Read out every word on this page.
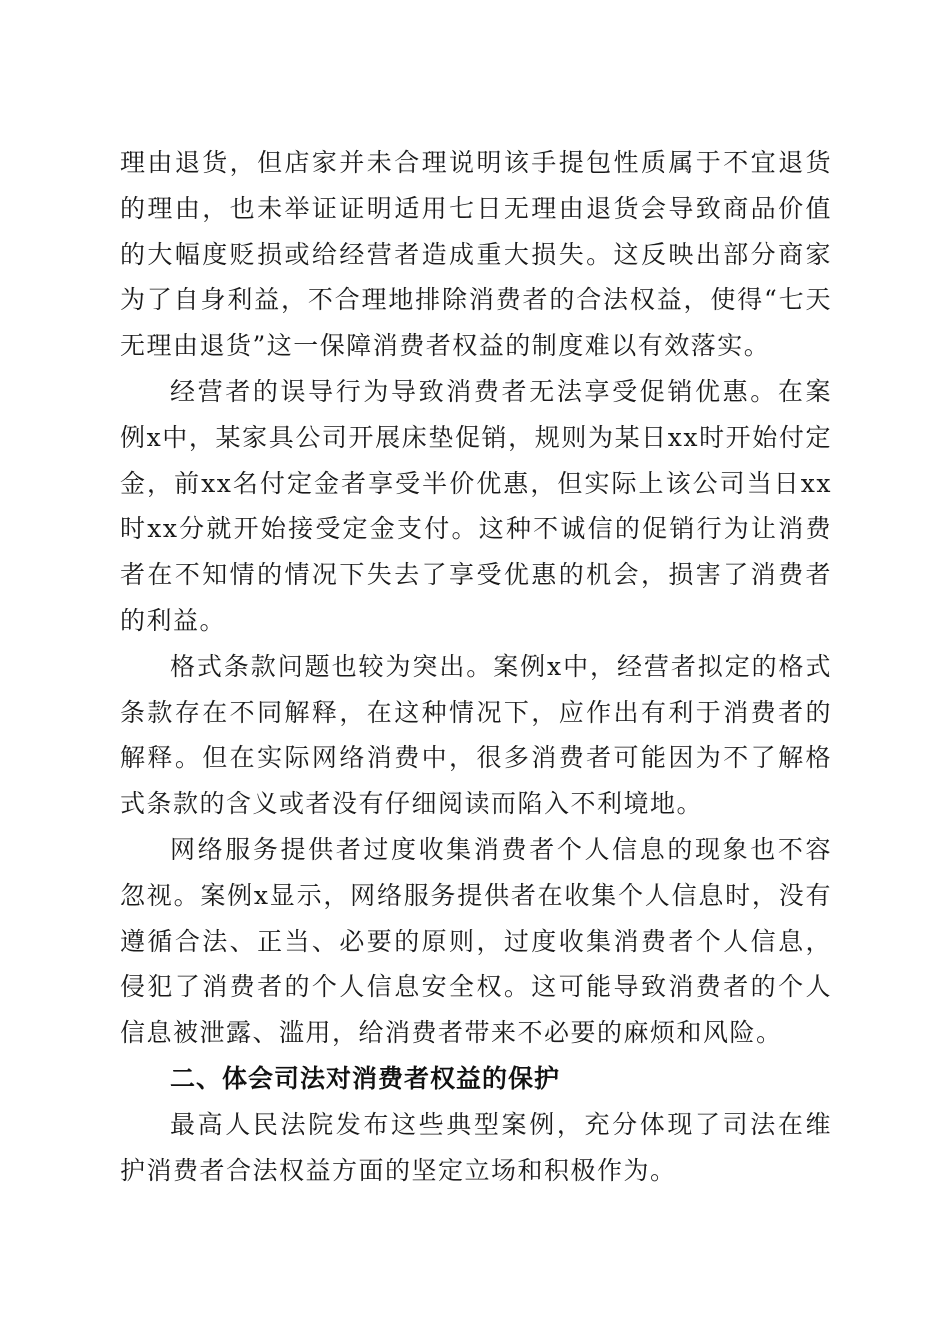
理由退货，但店家并未合理说明该手提包性质属于不宜退货的理由，也未举证证明适用七日无理由退货会导致商品价值的大幅度贬损或给经营者造成重大损失。这反映出部分商家为了自身利益，不合理地排除消费者的合法权益，使得“七天无理由退货”这一保障消费者权益的制度难以有效落实。

经营者的误导行为导致消费者无法享受促销优惠。在案例x中，某家具公司开展床垫促销，规则为某日xx时开始付定金，前xx名付定金者享受半价优惠，但实际上该公司当日xx时xx分就开始接受定金支付。这种不诚信的促销行为让消费者在不知情的情况下失去了享受优惠的机会，损害了消费者的利益。

格式条款问题也较为突出。案例x中，经营者拟定的格式条款存在不同解释，在这种情况下，应作出有利于消费者的解释。但在实际网络消费中，很多消费者可能因为不了解格式条款的含义或者没有仔细阅读而陷入不利境地。

网络服务提供者过度收集消费者个人信息的现象也不容忽视。案例x显示，网络服务提供者在收集个人信息时，没有遵循合法、正当、必要的原则，过度收集消费者个人信息，侵犯了消费者的个人信息安全权。这可能导致消费者的个人信息被泄露、滥用，给消费者带来不必要的麻烦和风险。

二、体会司法对消费者权益的保护

最高人民法院发布这些典型案例，充分体现了司法在维护消费者合法权益方面的坚定立场和积极作为。
